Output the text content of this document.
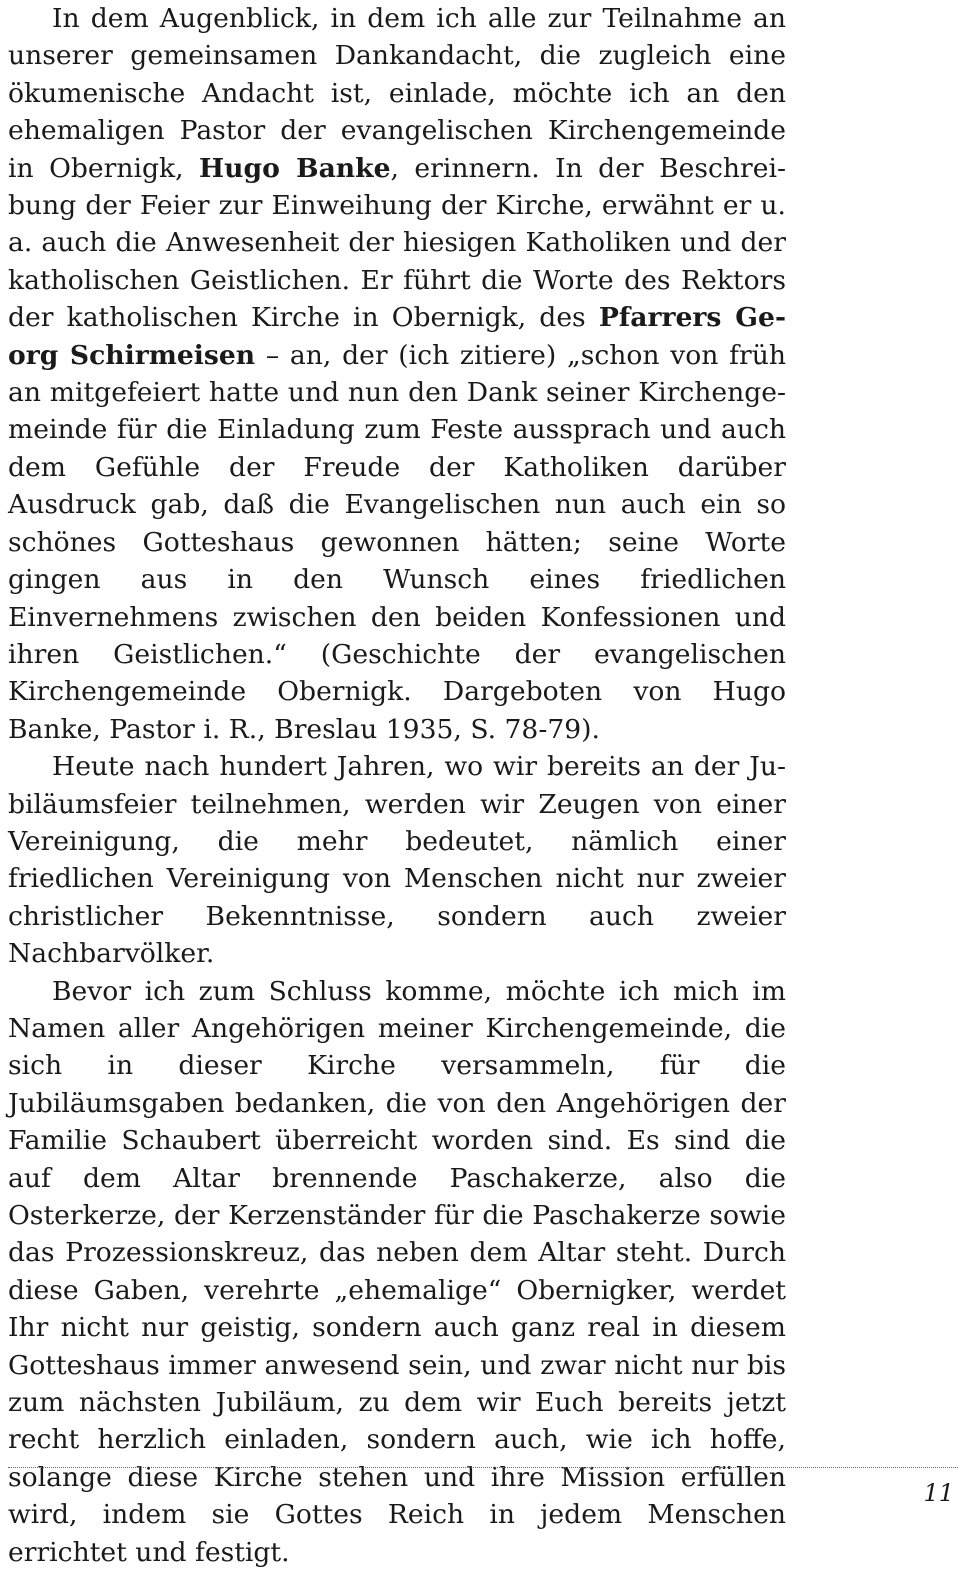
In dem Augenblick, in dem ich alle zur Teilnahme an unserer gemeinsamen Dankandacht, die zugleich eine ökumenische Andacht ist, einlade, möchte ich an den ehemaligen Pastor der evangelischen Kirchengemeinde in Obernigk, Hugo Banke, erinnern. In der Beschreibung der Feier zur Einweihung der Kirche, erwähnt er u. a. auch die Anwesenheit der hiesigen Katholiken und der katholischen Geistlichen. Er führt die Worte des Rektors der katholischen Kirche in Obernigk, des Pfarrers Georg Schirmeisen – an, der (ich zitiere) „schon von früh an mitgefeiert hatte und nun den Dank seiner Kirchengemeinde für die Einladung zum Feste aussprach und auch dem Gefühle der Freude der Katholiken darüber Ausdruck gab, daß die Evangelischen nun auch ein so schönes Gotteshaus gewonnen hätten; seine Worte gingen aus in den Wunsch eines friedlichen Einvernehmens zwischen den beiden Konfessionen und ihren Geistlichen.“ (Geschichte der evangelischen Kirchengemeinde Obernigk. Dargeboten von Hugo Banke, Pastor i. R., Breslau 1935, S. 78-79).

Heute nach hundert Jahren, wo wir bereits an der Jubiläumsfeier teilnehmen, werden wir Zeugen von einer Vereinigung, die mehr bedeutet, nämlich einer friedlichen Vereinigung von Menschen nicht nur zweier christlicher Bekenntnisse, sondern auch zweier Nachbarvölker.

Bevor ich zum Schluss komme, möchte ich mich im Namen aller Angehörigen meiner Kirchengemeinde, die sich in dieser Kirche versammeln, für die Jubiläumsgaben bedanken, die von den Angehörigen der Familie Schaubert überreicht worden sind. Es sind die auf dem Altar brennende Paschakerze, also die Osterkerze, der Kerzenständer für die Paschakerze sowie das Prozessionskreuz, das neben dem Altar steht. Durch diese Gaben, verehrte „ehemalige“ Obernigker, werdet Ihr nicht nur geistig, sondern auch ganz real in diesem Gotteshaus immer anwesend sein, und zwar nicht nur bis zum nächsten Jubiläum, zu dem wir Euch bereits jetzt recht herzlich einladen, sondern auch, wie ich hoffe, solange diese Kirche stehen und ihre Mission erfüllen wird, indem sie Gottes Reich in jedem Menschen errichtet und festigt.

11
